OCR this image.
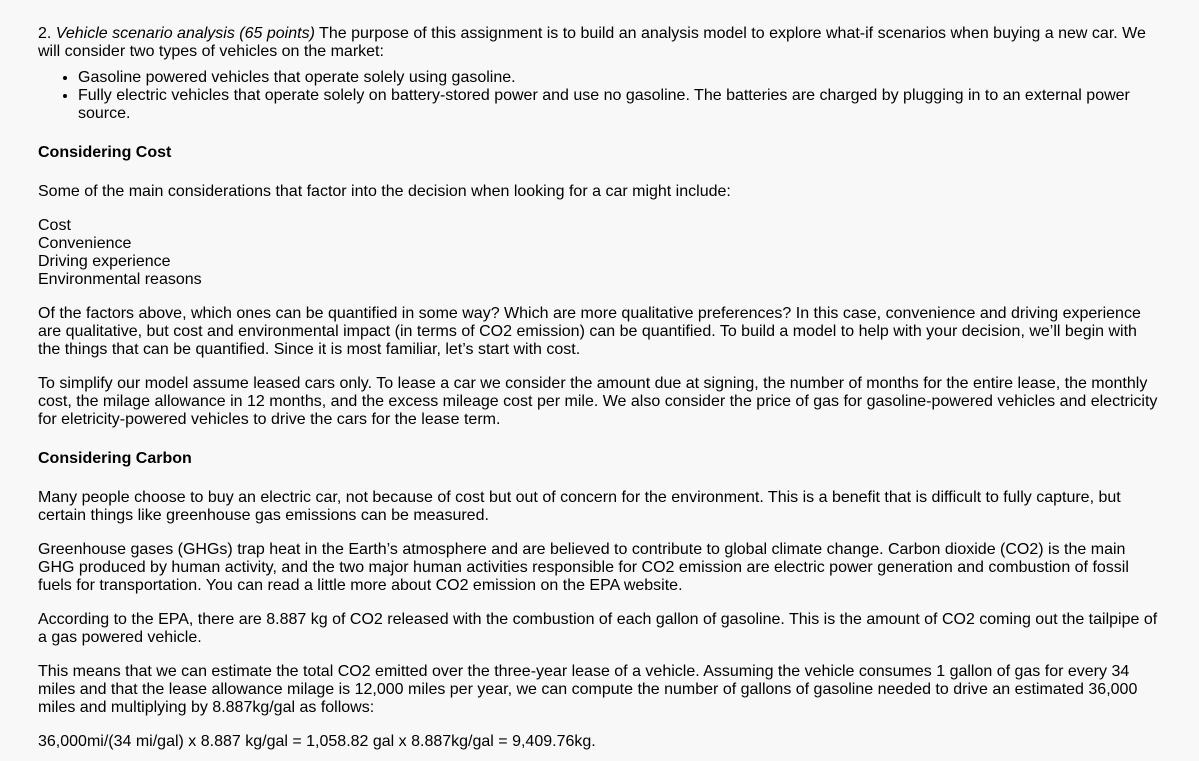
2. Vehicle scenario analysis (65 points) The purpose of this assignment is to build an analysis model to explore what-if scenarios when buying a new car. We will consider two types of vehicles on the market:

• Gasoline powered vehicles that operate solely using gasoline.
• Fully electric vehicles that operate solely on battery-stored power and use no gasoline. The batteries are charged by plugging in to an external power source.
Considering Cost

Some of the main considerations that factor into the decision when looking for a car might include:

Cost
Convenience
Driving experience
Environmental reasons

Of the factors above, which ones can be quantified in some way? Which are more qualitative preferences? In this case, convenience and driving experience are qualitative, but cost and environmental impact (in terms of CO2 emission) can be quantified. To build a model to help with your decision, we’ll begin with the things that can be quantified. Since it is most familiar, let’s start with cost.

To simplify our model assume leased cars only. To lease a car we consider the amount due at signing, the number of months for the entire lease, the monthly cost, the milage allowance in 12 months, and the excess mileage cost per mile. We also consider the price of gas for gasoline-powered vehicles and electricity for eletricity-powered vehicles to drive the cars for the lease term.

Considering Carbon

Many people choose to buy an electric car, not because of cost but out of concern for the environment. This is a benefit that is difficult to fully capture, but certain things like greenhouse gas emissions can be measured.

Greenhouse gases (GHGs) trap heat in the Earth’s atmosphere and are believed to contribute to global climate change. Carbon dioxide (CO2) is the main GHG produced by human activity, and the two major human activities responsible for CO2 emission are electric power generation and combustion of fossil fuels for transportation. You can read a little more about CO2 emission on the EPA website.

According to the EPA, there are 8.887 kg of CO2 released with the combustion of each gallon of gasoline. This is the amount of CO2 coming out the tailpipe of a gas powered vehicle.

This means that we can estimate the total CO2 emitted over the three-year lease of a vehicle. Assuming the vehicle consumes 1 gallon of gas for every 34 miles and that the lease allowance milage is 12,000 miles per year, we can compute the number of gallons of gasoline needed to drive an estimated 36,000 miles and multiplying by 8.887kg/gal as follows:

36,000mi/(34 mi/gal) x 8.887 kg/gal = 1,058.82 gal x 8.887kg/gal = 9,409.76kg.
